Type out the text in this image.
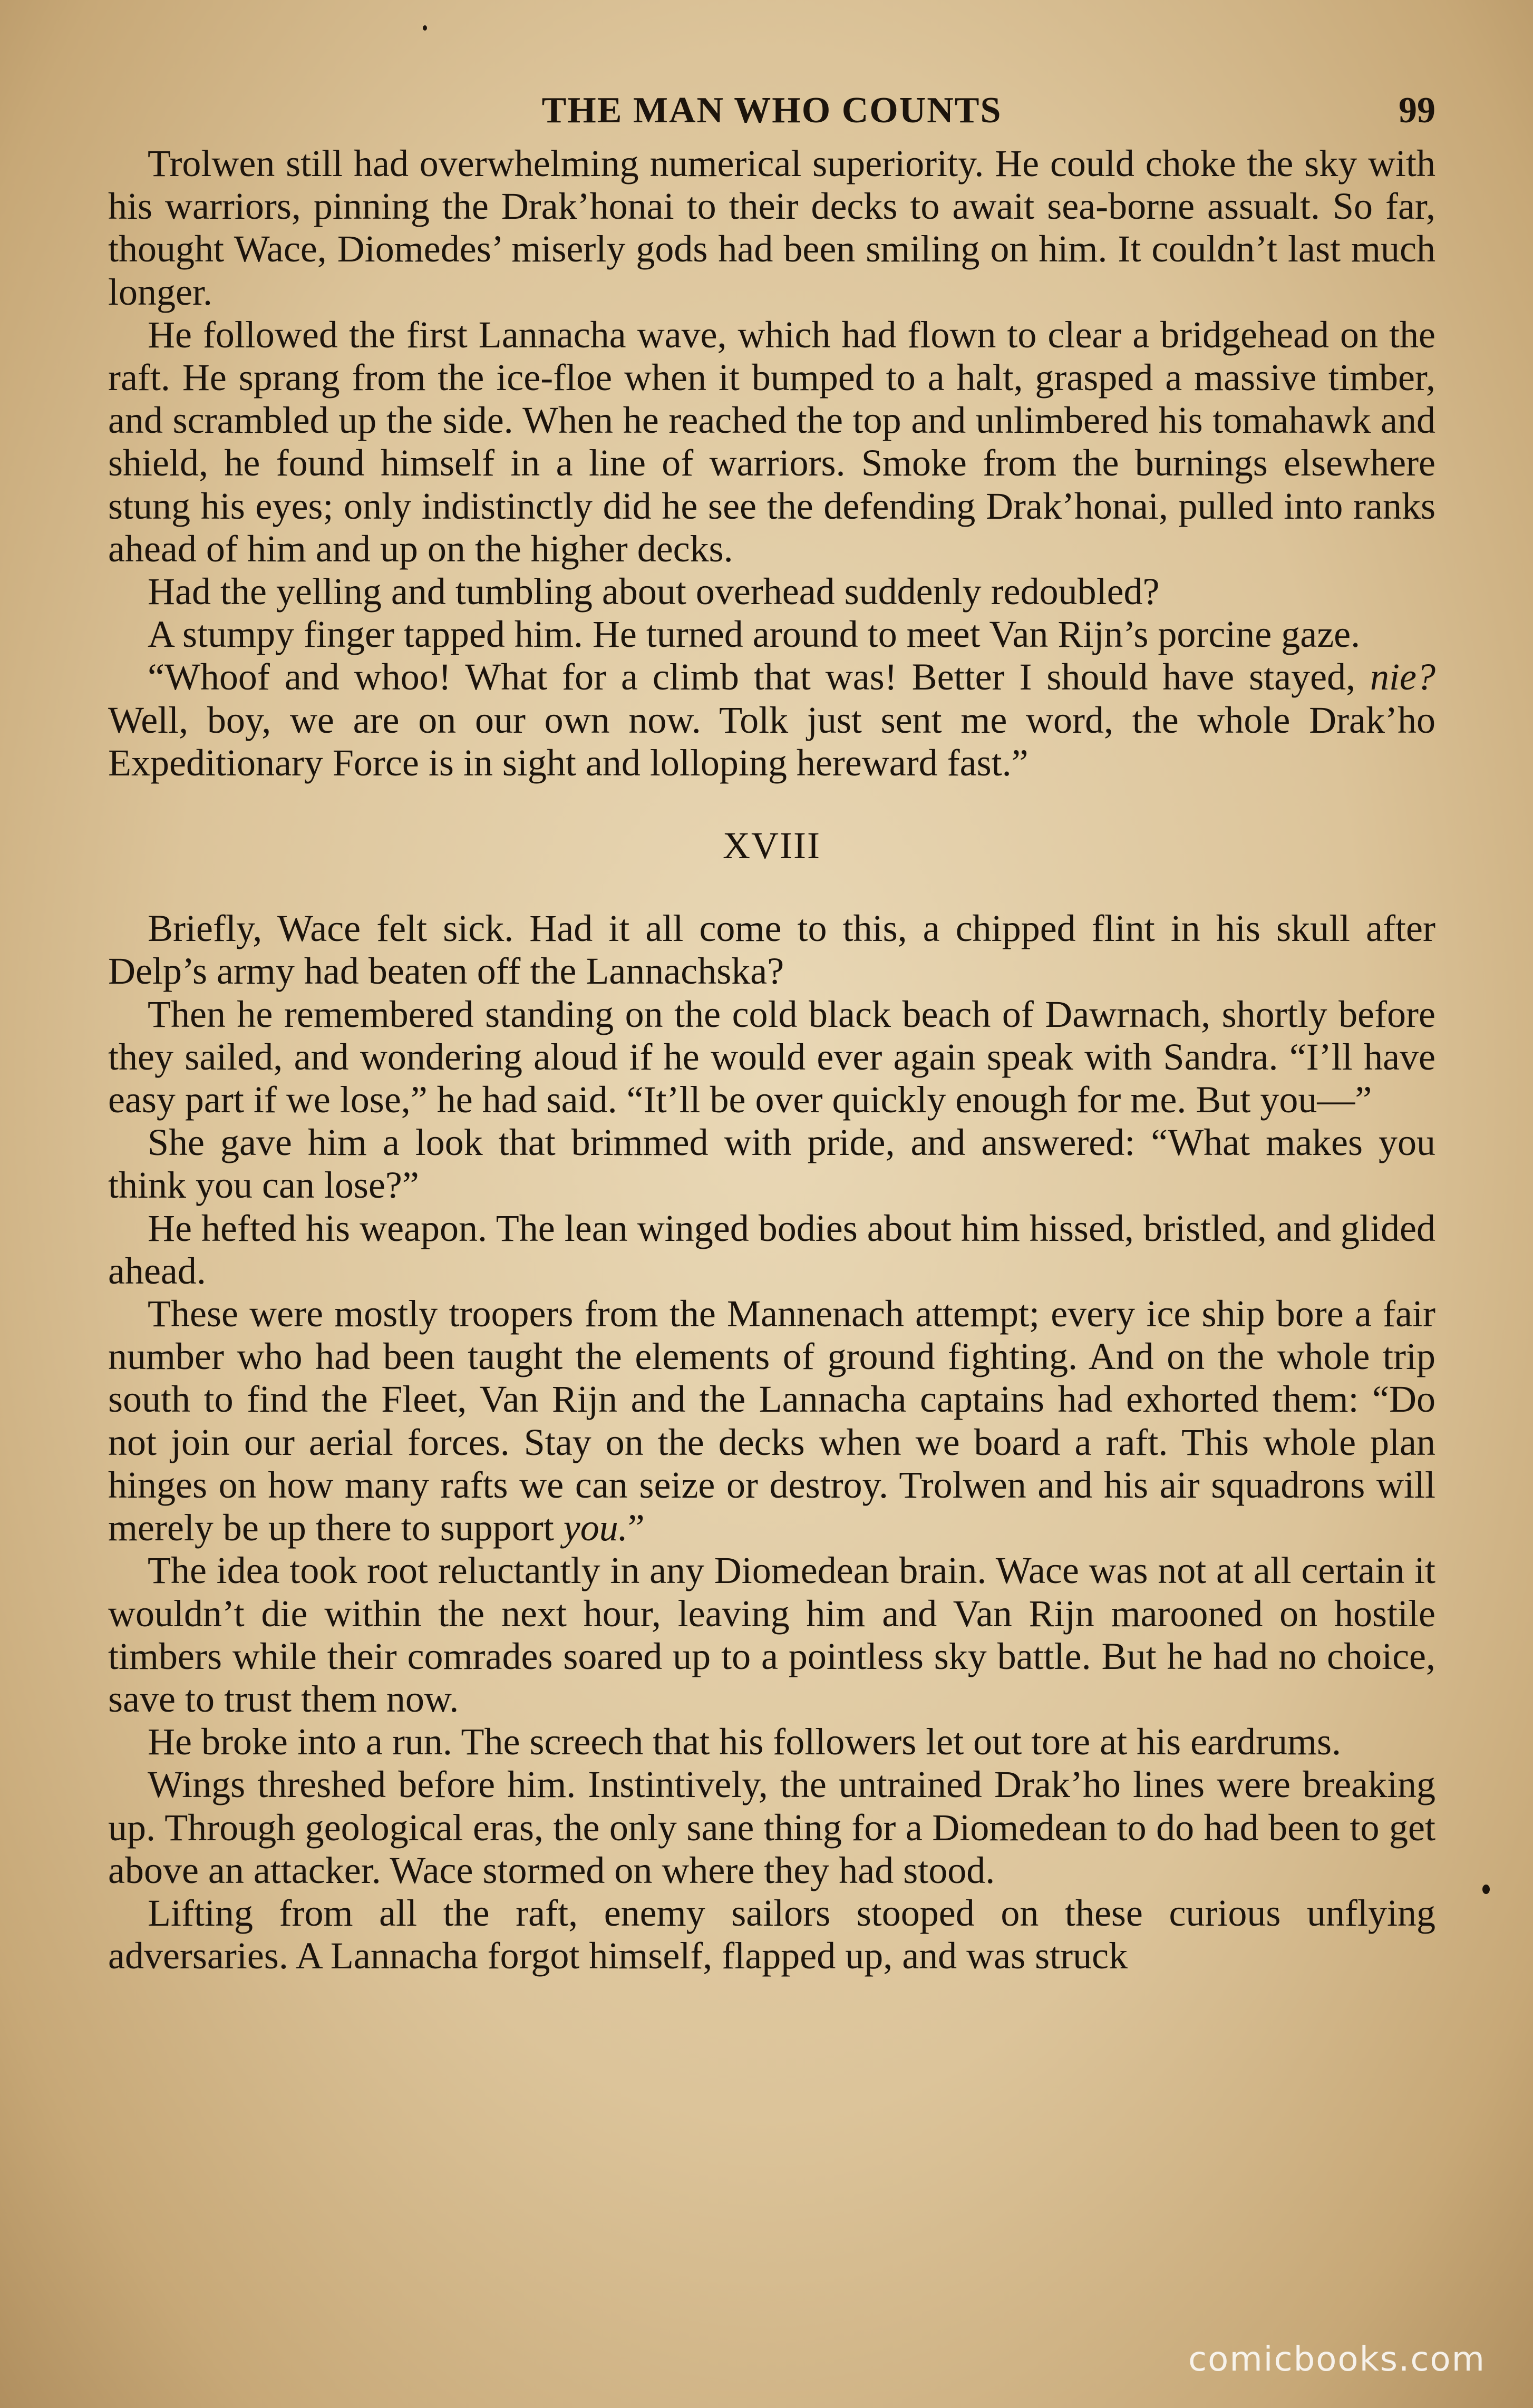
THE MAN WHO COUNTS	99

Trolwen still had overwhelming numerical superiority. He could choke the sky with his warriors, pinning the Drak’honai to their decks to await sea-borne assualt. So far, thought Wace, Diomedes’ miserly gods had been smiling on him. It couldn’t last much longer.

He followed the first Lannacha wave, which had flown to clear a bridgehead on the raft. He sprang from the ice-floe when it bumped to a halt, grasped a massive timber, and scrambled up the side. When he reached the top and unlimbered his tomahawk and shield, he found himself in a line of warriors. Smoke from the burnings elsewhere stung his eyes; only indistinctly did he see the defending Drak’honai, pulled into ranks ahead of him and up on the higher decks.

Had the yelling and tumbling about overhead suddenly redoubled?

A stumpy finger tapped him. He turned around to meet Van Rijn’s porcine gaze.

“Whoof and whoo! What for a climb that was! Better I should have stayed, nie? Well, boy, we are on our own now. Tolk just sent me word, the whole Drak’ho Expeditionary Force is in sight and lolloping hereward fast.”

XVIII

Briefly, Wace felt sick. Had it all come to this, a chipped flint in his skull after Delp’s army had beaten off the Lannachska?

Then he remembered standing on the cold black beach of Dawrnach, shortly before they sailed, and wondering aloud if he would ever again speak with Sandra. “I’ll have easy part if we lose,” he had said. “It’ll be over quickly enough for me. But you—”

She gave him a look that brimmed with pride, and answered: “What makes you think you can lose?”

He hefted his weapon. The lean winged bodies about him hissed, bristled, and glided ahead.

These were mostly troopers from the Mannenach attempt; every ice ship bore a fair number who had been taught the elements of ground fighting. And on the whole trip south to find the Fleet, Van Rijn and the Lannacha captains had exhorted them: “Do not join our aerial forces. Stay on the decks when we board a raft. This whole plan hinges on how many rafts we can seize or destroy. Trolwen and his air squadrons will merely be up there to support you.”

The idea took root reluctantly in any Diomedean brain. Wace was not at all certain it wouldn’t die within the next hour, leaving him and Van Rijn marooned on hostile timbers while their comrades soared up to a pointless sky battle. But he had no choice, save to trust them now.

He broke into a run. The screech that his followers let out tore at his eardrums.

Wings threshed before him. Instintively, the untrained Drak’ho lines were breaking up. Through geological eras, the only sane thing for a Diomedean to do had been to get above an attacker. Wace stormed on where they had stood.

Lifting from all the raft, enemy sailors stooped on these curious unflying adversaries. A Lannacha forgot himself, flapped up, and was struck

comicbooks.com
